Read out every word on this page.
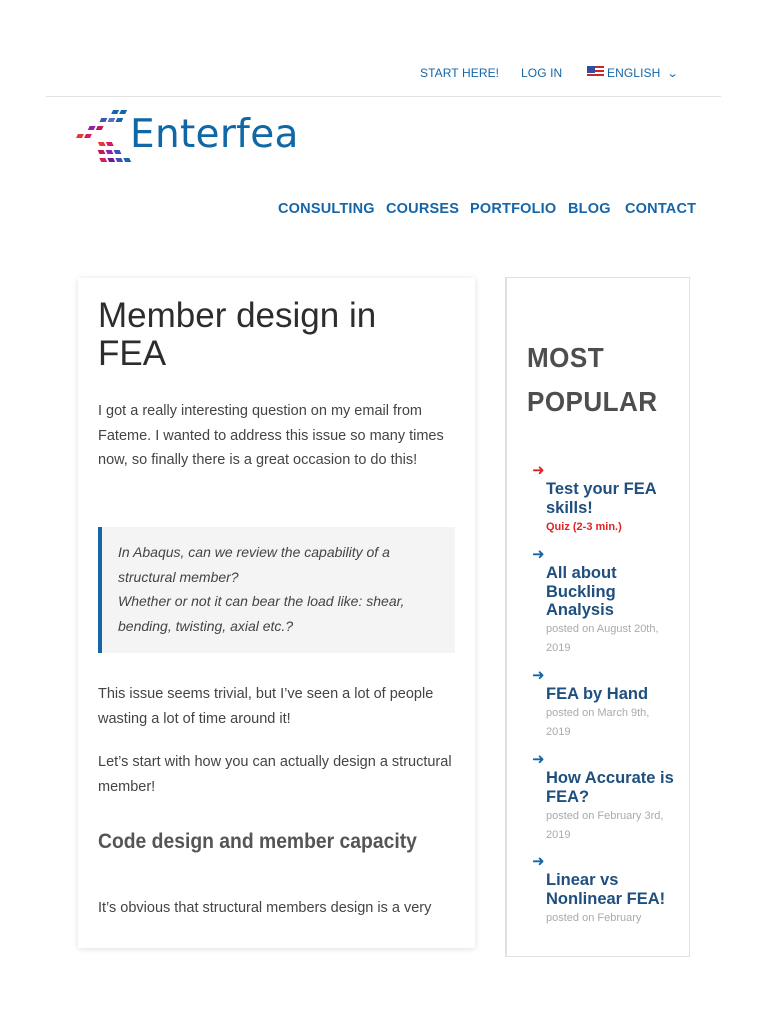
START HERE! LOG IN	ENGLISH ⌄
Enterfea
CONSULTING COURSES PORTFOLIO BLOG CONTACT
Member design in FEA

I got a really interesting question on my email from Fateme. I wanted to address this issue so many times now, so finally there is a great occasion to do this!

In Abaqus, can we review the capability of a structural member?
Whether or not it can bear the load like: shear, bending, twisting, axial etc.?

This issue seems trivial, but I’ve seen a lot of people wasting a lot of time around it!

Let’s start with how you can actually design a structural member!

Code design and member capacity

It’s obvious that structural members design is a very

MOST POPULAR
➜
Test your FEA skills!
Quiz (2-3 min.)
➜
All about Buckling Analysis
posted on August 20th, 2019
➜
FEA by Hand
posted on March 9th, 2019
➜
How Accurate is FEA?
posted on February 3rd, 2019
➜
Linear vs Nonlinear FEA!
posted on February
